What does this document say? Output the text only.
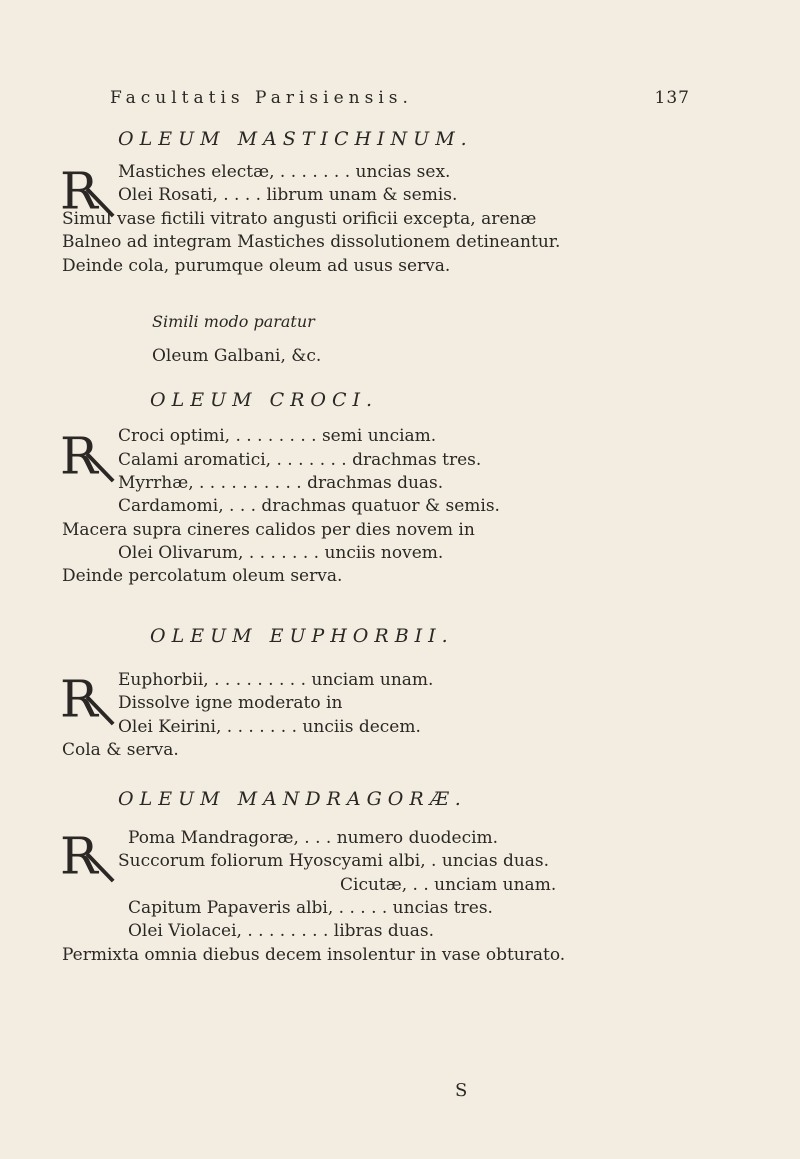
Facultatis Parisiensis.	137
OLEUM MASTICHINUM.
R Mastiches electæ, . . . . . . . uncias sex.
Olei Rosati, . . . . librum unam & semis.
Simul vase fictili vitrato angusti orificii excepta, arenæ
Balneo ad integram Mastiches dissolutionem detineantur.
Deinde cola, purumque oleum ad usus serva.
Simili modo paratur
Oleum Galbani, &c.
OLEUM CROCI.
R Croci optimi, . . . . . . . . semi unciam.
Calami aromatici, . . . . . . . drachmas tres.
Myrrhæ, . . . . . . . . . . drachmas duas.
Cardamomi, . . . drachmas quatuor & semis.
Macera supra cineres calidos per dies novem in
Olei Olivarum, . . . . . . . unciis novem.
Deinde percolatum oleum serva.
OLEUM EUPHORBII.
R Euphorbii, . . . . . . . . . unciam unam.
Dissolve igne moderato in
Olei Keirini, . . . . . . . unciis decem.
Cola & serva.
OLEUM MANDRAGORÆ.
R Poma Mandragoræ, . . . numero duodecim.
Succorum foliorum Hyoscyami albi, . uncias duas.
Cicutæ, . . unciam unam.
Capitum Papaveris albi, . . . . . uncias tres.
Olei Violacei, . . . . . . . . libras duas.
Permixta omnia diebus decem insolentur in vase obturato.
S
